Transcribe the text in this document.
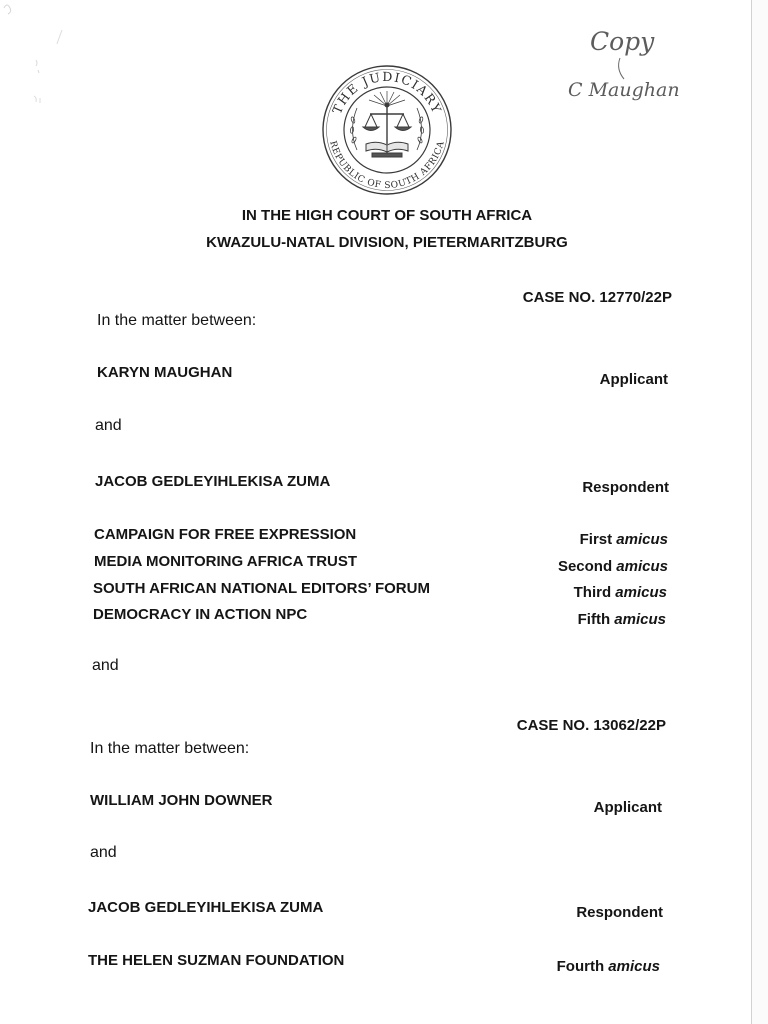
THE JUDICIARY
REPUBLIC OF SOUTH AFRICA
Copy
C Maughan
IN THE HIGH COURT OF SOUTH AFRICA
KWAZULU-NATAL DIVISION, PIETERMARITZBURG
CASE NO. 12770/22P
In the matter between:
KARYN MAUGHAN	Applicant
and
JACOB GEDLEYIHLEKISA ZUMA	Respondent
CAMPAIGN FOR FREE EXPRESSION	First amicus
MEDIA MONITORING AFRICA TRUST	Second amicus
SOUTH AFRICAN NATIONAL EDITORS’ FORUM	Third amicus
DEMOCRACY IN ACTION NPC	Fifth amicus
and
CASE NO. 13062/22P
In the matter between:
WILLIAM JOHN DOWNER	Applicant
and
JACOB GEDLEYIHLEKISA ZUMA	Respondent
THE HELEN SUZMAN FOUNDATION	Fourth amicus
